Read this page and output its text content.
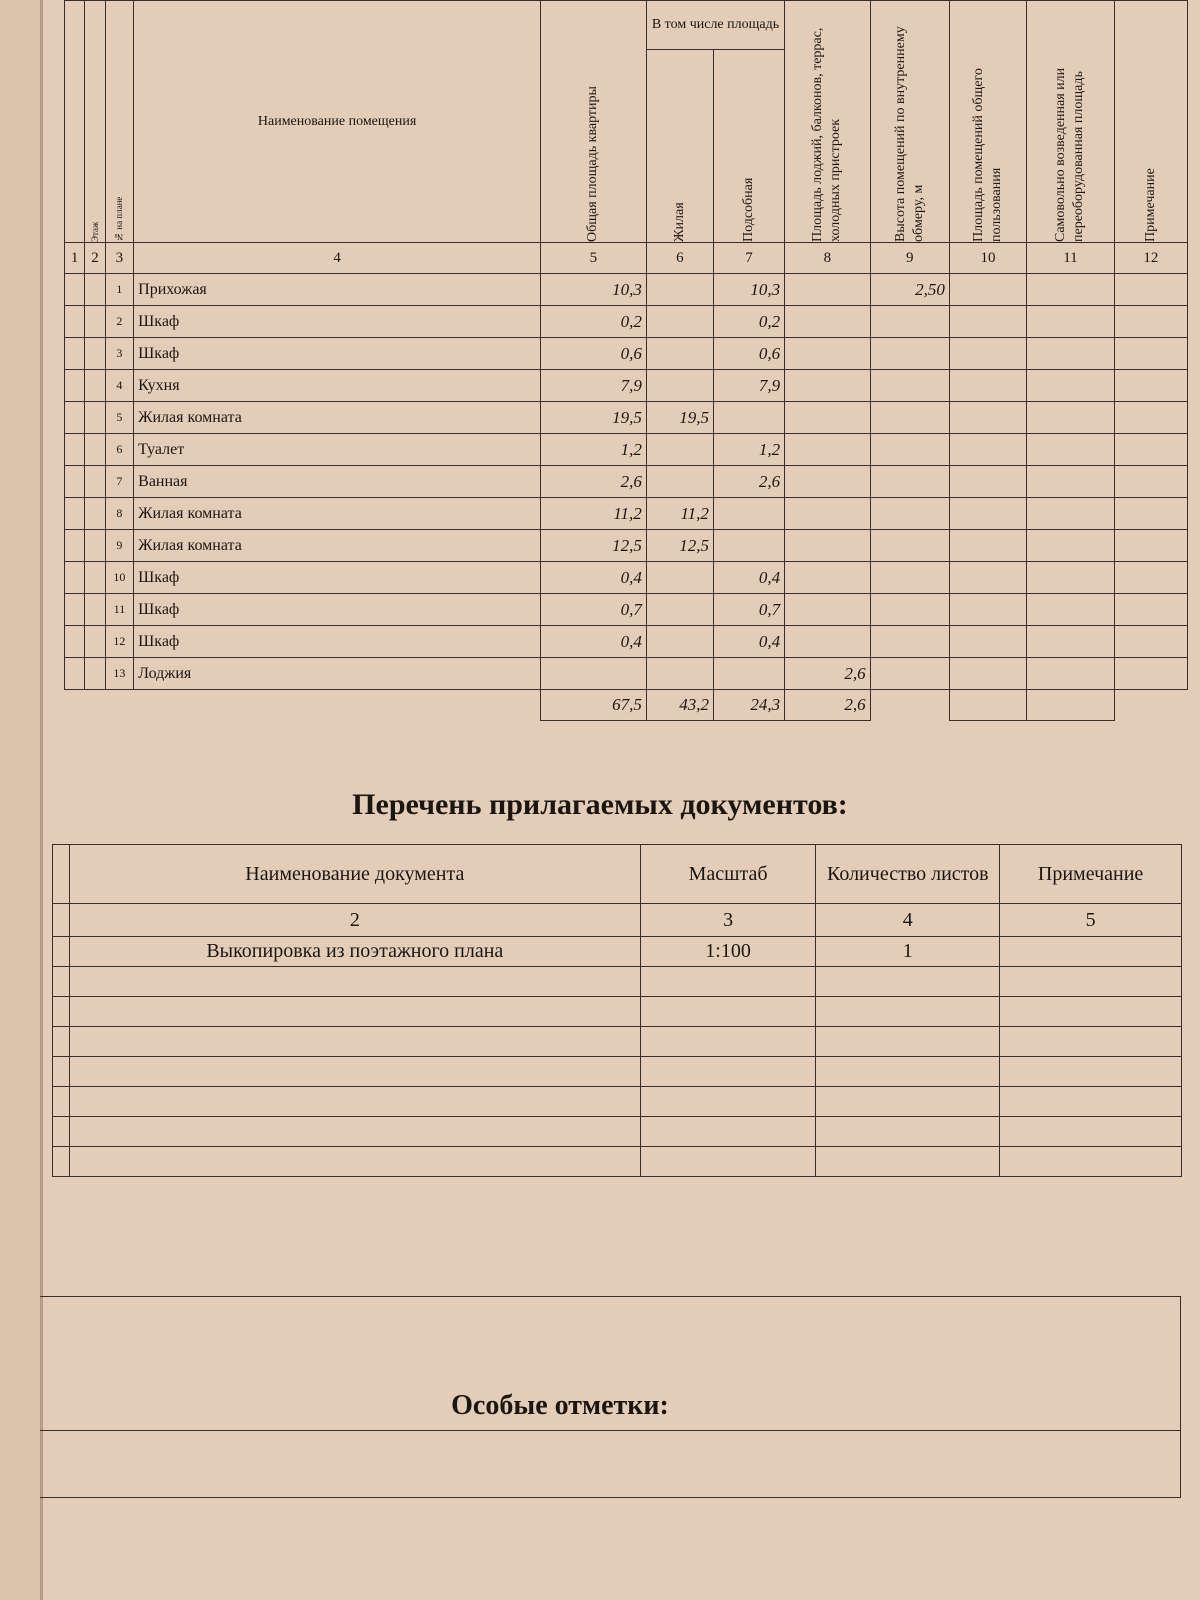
	Этаж	№ на плане	Наименование помещения	Общая площадь квартиры	В том числе площадь		Площадь лоджий, балконов, террас, холодных пристроек	Высота помещений по внутреннему обмеру, м	Площадь помещений общего пользования	Самовольно возведенная или переоборудованная площадь	Примечание

					Жилая	Подсобная					

1	2	3	4	5	6	7	8	9	10	11	12
		1	Прихожая	10,3		10,3		2,50			
		2	Шкаф	0,2		0,2					
		3	Шкаф	0,6		0,6					
		4	Кухня	7,9		7,9					
		5	Жилая комната	19,5	19,5						
		6	Туалет	1,2		1,2					
		7	Ванная	2,6		2,6					
		8	Жилая комната	11,2	11,2						
		9	Жилая комната	12,5	12,5						
		10	Шкаф	0,4		0,4					
		11	Шкаф	0,7		0,7					
		12	Шкаф	0,4		0,4					
		13	Лоджия				2,6				
				67,5	43,2	24,3	2,6				
Перечень прилагаемых документов:
	Наименование документа	Масштаб	Количество листов	Примечание
	2	3	4	5
	Выкопировка из поэтажного плана	1:100	1	

Особые отметки:
